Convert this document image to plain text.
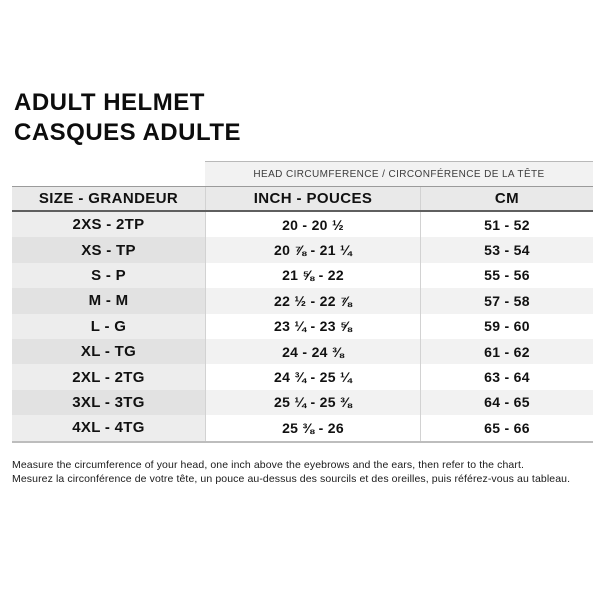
ADULT HELMET
CASQUES ADULTE
HEAD CIRCUMFERENCE / CIRCONFÉRENCE DE LA TÊTE
SIZE - GRANDEUR	INCH - POUCES	CM
2XS - 2TP	20 - 20 ½	51 - 52
XS - TP	20 ⅞ - 21 ¼	53 - 54
S - P	21 ⅝ - 22	55 - 56
M - M	22 ½ - 22 ⅞	57 - 58
L - G	23 ¼ - 23 ⅝	59 - 60
XL - TG	24 - 24 ⅜	61 - 62
2XL - 2TG	24 ¾ - 25 ¼	63 - 64
3XL - 3TG	25 ¼ - 25 ⅜	64 - 65
4XL - 4TG	25 ⅜ - 26	65 - 66
Measure the circumference of your head, one inch above the eyebrows and the ears, then refer to the chart.
Mesurez la circonférence de votre tête, un pouce au-dessus des sourcils et des oreilles, puis référez-vous au tableau.
